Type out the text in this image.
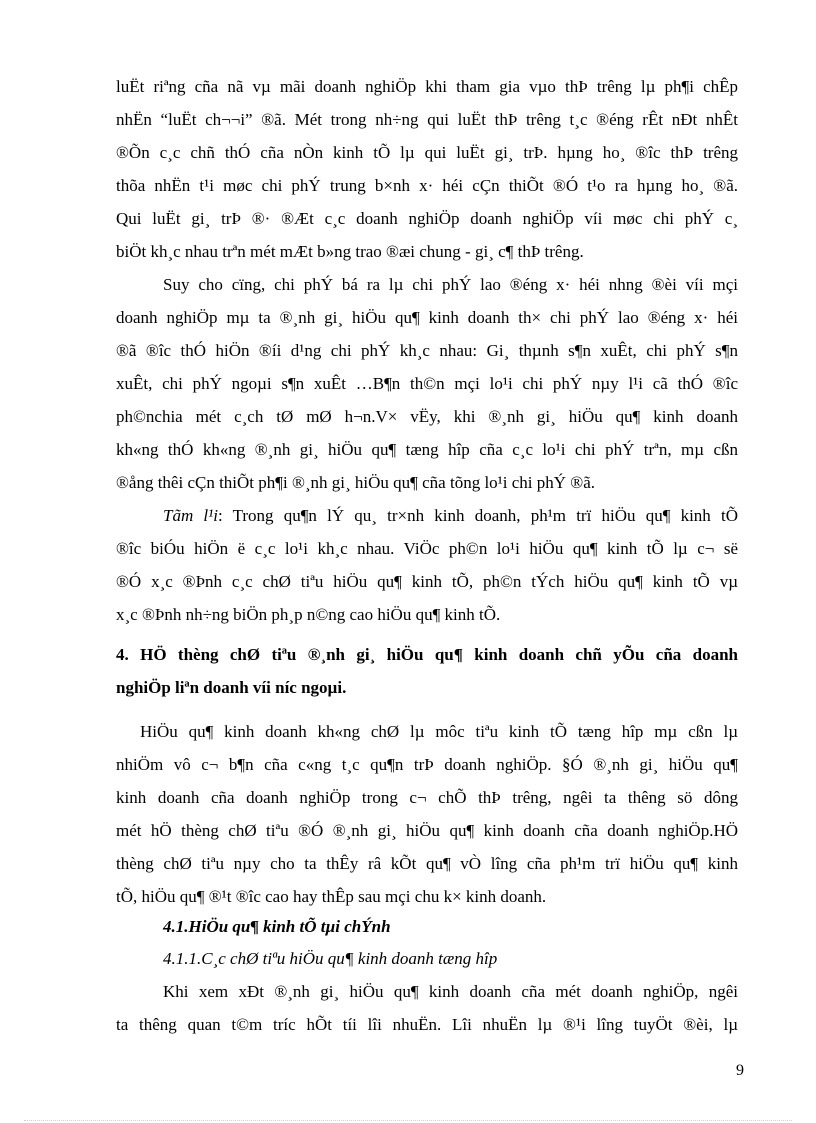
luËt riªng cña nã vµ mãi doanh nghiÖp khi tham gia vµo thÞ trêng lµ ph¶i chÊp
nhËn “luËt ch¬¬i” ®ã. Mét trong nh÷ng qui luËt thÞ trêng t¸c ®éng rÊt nÐt nhÊt
®Õn c¸c chñ thÓ cña nÒn kinh tÕ lµ qui luËt gi¸ trÞ. hµng ho¸ ®îc thÞ trêng
thõa nhËn t¹i møc chi phÝ trung b×nh x· héi cÇn thiÕt ®Ó t¹o ra hµng ho¸ ®ã.
Qui luËt gi¸ trÞ ®· ®Æt c¸c doanh nghiÖp doanh nghiÖp víi møc chi phÝ c¸
biÖt kh¸c nhau trªn mét mÆt b»ng trao ®æi chung - gi¸ c¶ thÞ trêng.
Suy cho cïng, chi phÝ bá ra lµ chi phÝ lao ®éng x· héi nhng ®èi víi mçi
doanh nghiÖp mµ ta ®¸nh gi¸ hiÖu qu¶ kinh doanh th× chi phÝ lao ®éng x· héi
®ã ®îc thÓ hiÖn ®íi d¹ng chi phÝ kh¸c nhau: Gi¸ thµnh s¶n xuÊt, chi phÝ s¶n
xuÊt, chi phÝ ngoµi s¶n xuÊt …B¶n th©n mçi lo¹i chi phÝ nµy l¹i cã thÓ ®îc
ph©nchia mét c¸ch tØ mØ h¬n.V× vËy, khi ®¸nh gi¸ hiÖu qu¶ kinh doanh
kh«ng thÓ kh«ng ®¸nh gi¸ hiÖu qu¶ tæng hîp cña c¸c lo¹i chi phÝ trªn, mµ cßn
®ång thêi cÇn thiÕt ph¶i ®¸nh gi¸ hiÖu qu¶ cña tõng lo¹i chi phÝ ®ã.
Tãm l¹i: Trong qu¶n lÝ qu¸ tr×nh kinh doanh, ph¹m trï hiÖu qu¶ kinh tÕ
®îc biÓu hiÖn ë c¸c lo¹i kh¸c nhau. ViÖc ph©n lo¹i hiÖu qu¶ kinh tÕ lµ c¬ së
®Ó x¸c ®Þnh c¸c chØ tiªu hiÖu qu¶ kinh tÕ, ph©n tÝch hiÖu qu¶ kinh tÕ vµ
x¸c ®Þnh nh÷ng biÖn ph¸p n©ng cao hiÖu qu¶ kinh tÕ.
4. HÖ thèng chØ tiªu ®¸nh gi¸ hiÖu qu¶ kinh doanh chñ yÕu cña doanh
nghiÖp liªn doanh víi níc ngoµi.
HiÖu qu¶ kinh doanh kh«ng chØ lµ môc tiªu kinh tÕ tæng hîp mµ cßn lµ
nhiÖm vô c¬ b¶n cña c«ng t¸c qu¶n trÞ doanh nghiÖp. §Ó ®¸nh gi¸ hiÖu qu¶
kinh doanh cña doanh nghiÖp trong c¬ chÕ thÞ trêng, ngêi ta thêng sö dông
mét hÖ thèng chØ tiªu ®Ó ®¸nh gi¸ hiÖu qu¶ kinh doanh cña doanh nghiÖp.HÖ
thèng chØ tiªu nµy cho ta thÊy râ kÕt qu¶ vÒ lîng cña ph¹m trï hiÖu qu¶ kinh
tÕ, hiÖu qu¶ ®¹t ®îc cao hay thÊp sau mçi chu k× kinh doanh.
4.1.HiÖu qu¶ kinh tÕ tµi chÝnh
4.1.1.C¸c chØ tiªu hiÖu qu¶ kinh doanh tæng hîp
Khi xem xÐt ®¸nh gi¸ hiÖu qu¶ kinh doanh cña mét doanh nghiÖp, ngêi
ta thêng quan t©m tríc hÕt tíi lîi nhuËn. Lîi nhuËn lµ ®¹i lîng tuyÖt ®èi, lµ
9
